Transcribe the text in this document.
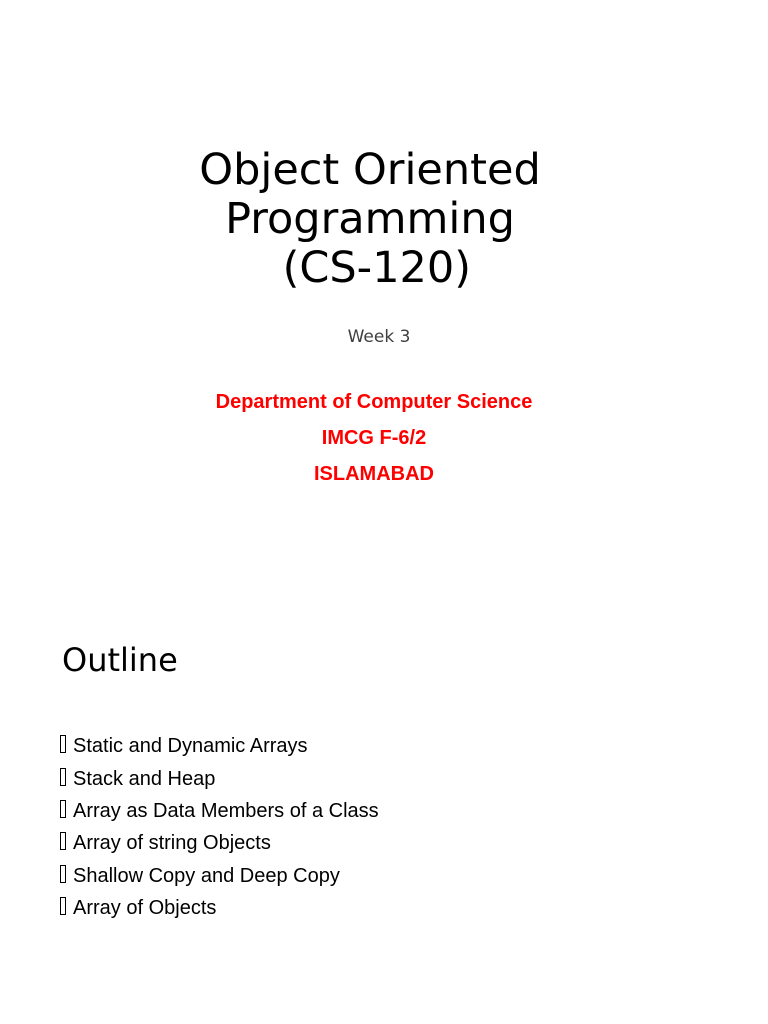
Object Oriented
Programming
(CS-120)
Week 3
Department of Computer Science
IMCG F-6/2
ISLAMABAD
Outline
Static and Dynamic Arrays
Stack and Heap
Array as Data Members of a Class
Array of string Objects
Shallow Copy and Deep Copy
Array of Objects
